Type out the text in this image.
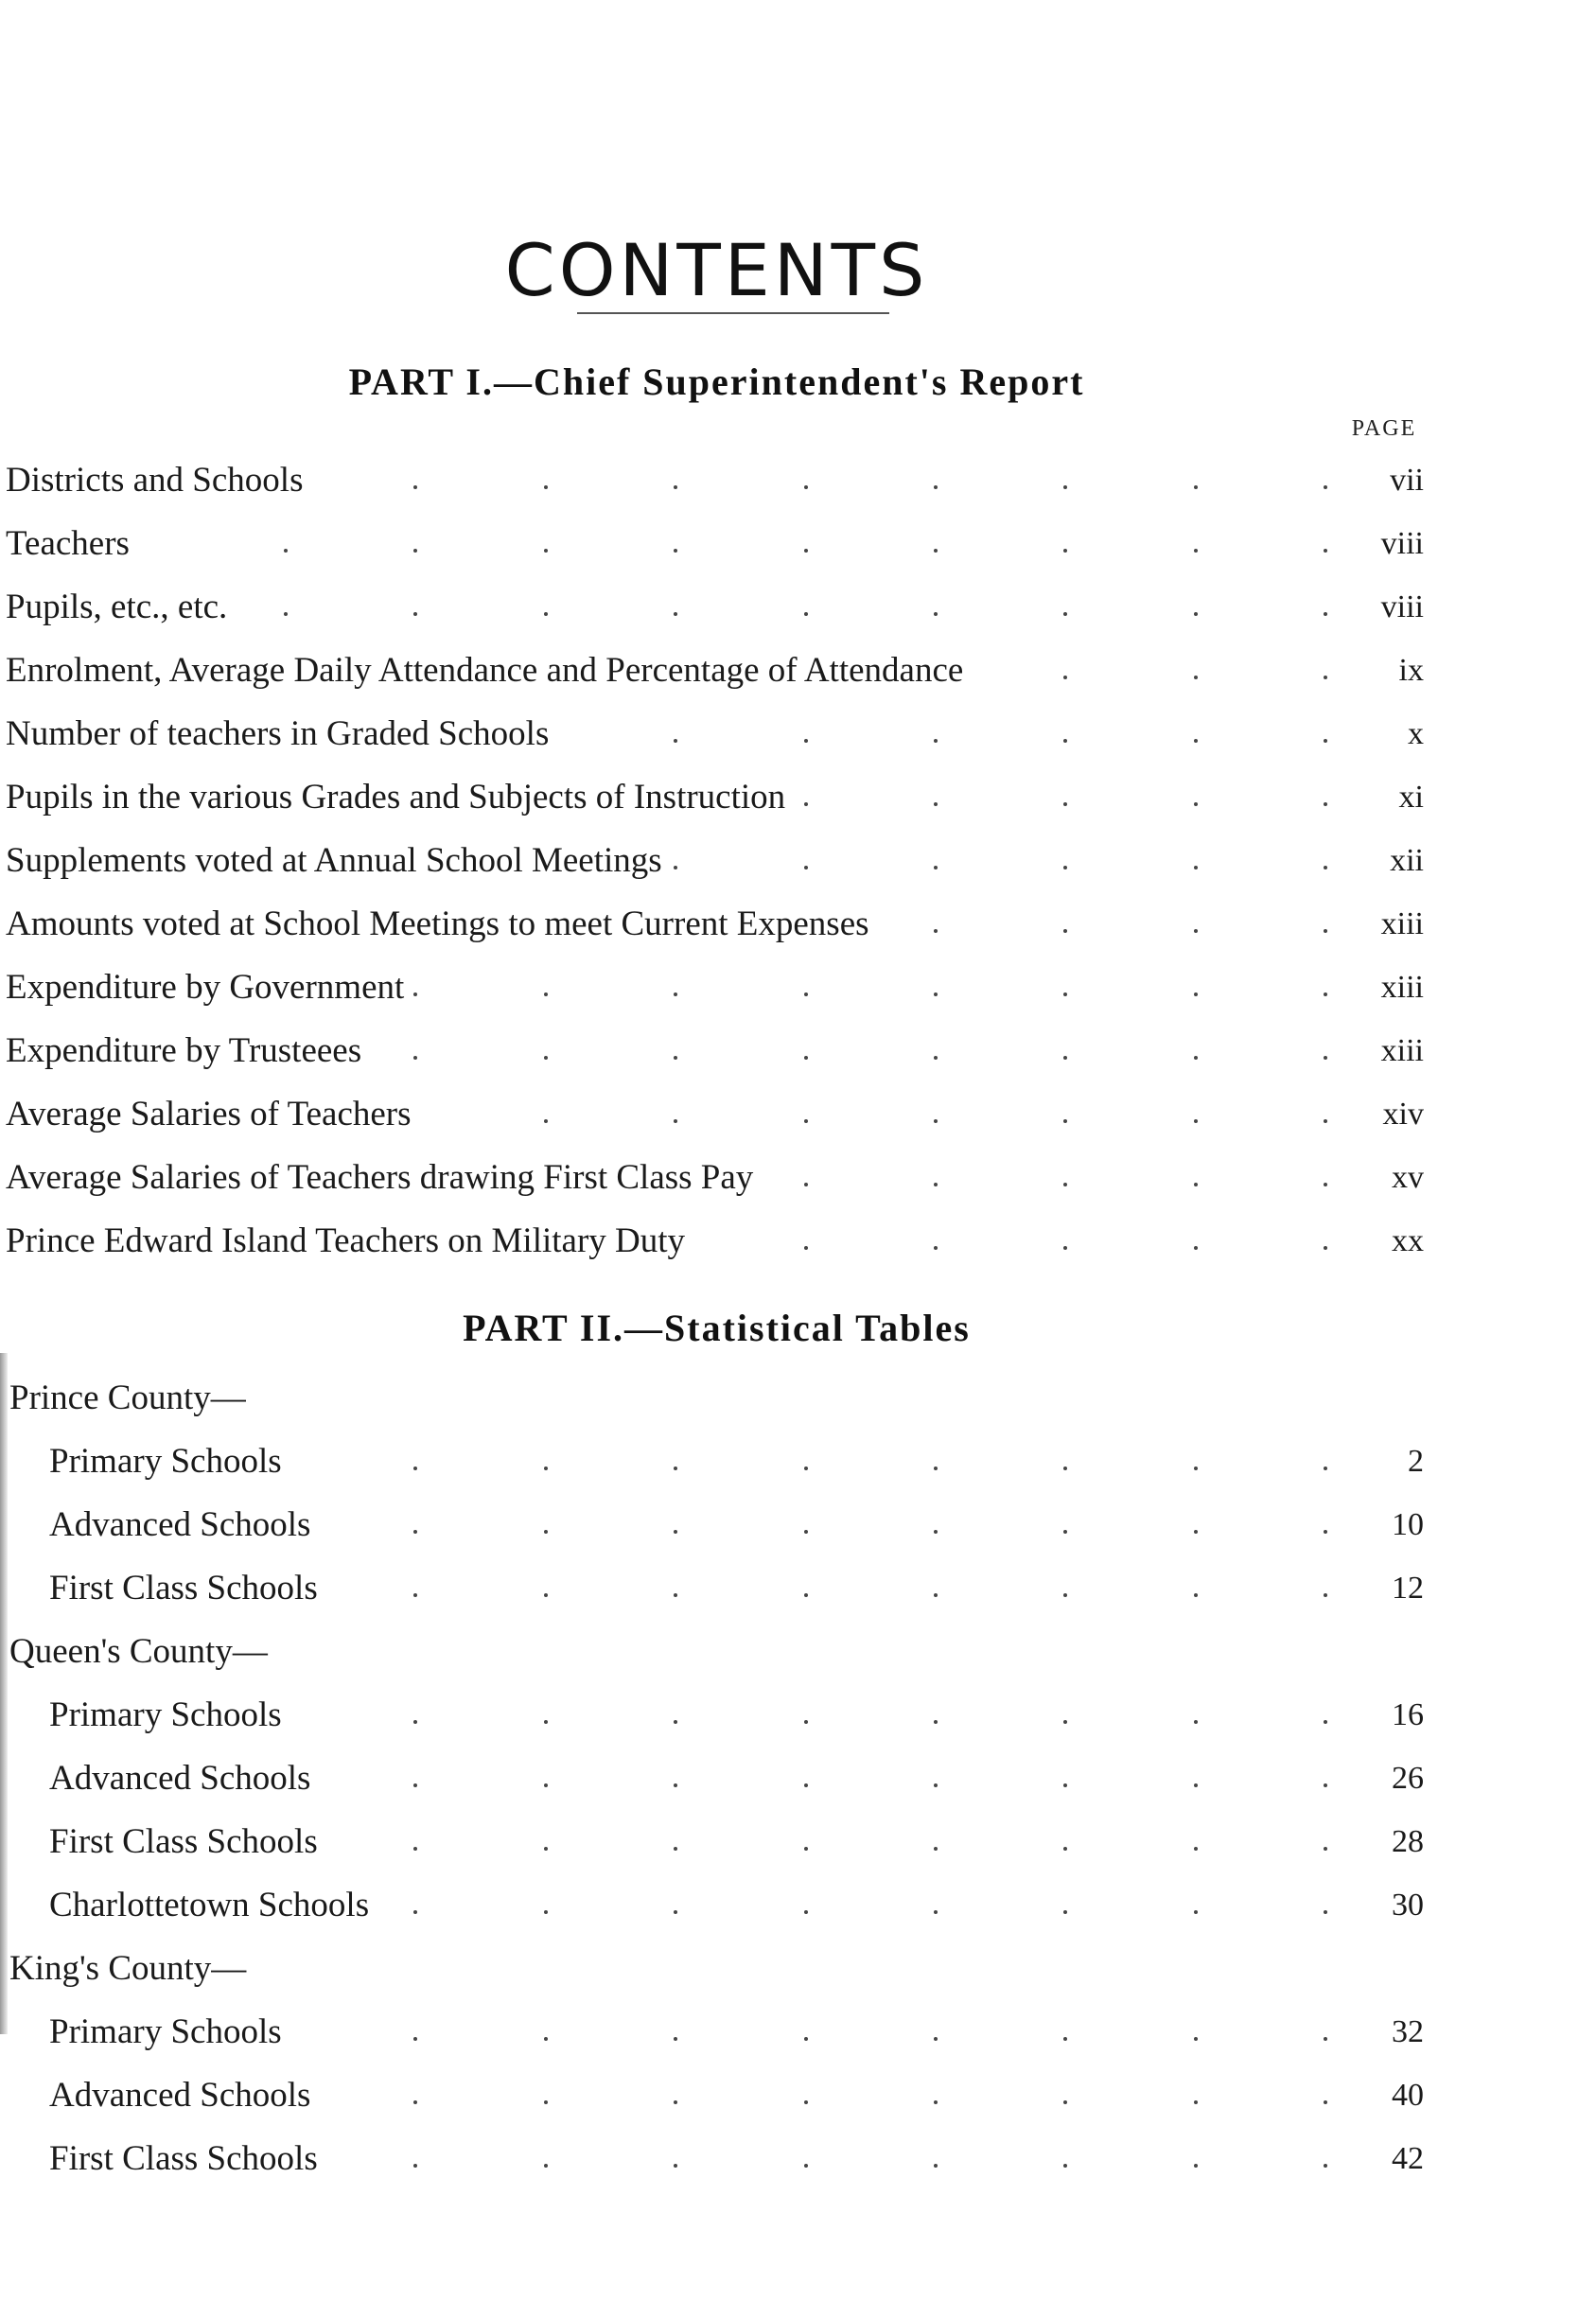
CONTENTS
PART I.—Chief Superintendent's Report
PAGE
Districts and Schools	vii
Teachers	viii
Pupils, etc., etc.	viii
Enrolment, Average Daily Attendance and Percentage of Attendance	ix
Number of teachers in Graded Schools	x
Pupils in the various Grades and Subjects of Instruction	xi
Supplements voted at Annual School Meetings	xii
Amounts voted at School Meetings to meet Current Expenses	xiii
Expenditure by Government	xiii
Expenditure by Trusteees	xiii
Average Salaries of Teachers	xiv
Average Salaries of Teachers drawing First Class Pay	xv
Prince Edward Island Teachers on Military Duty	xx
PART II.—Statistical Tables
Prince County—
Primary Schools	2
Advanced Schools	10
First Class Schools	12
Queen's County—
Primary Schools	16
Advanced Schools	26
First Class Schools	28
Charlottetown Schools	30
King's County—
Primary Schools	32
Advanced Schools	40
First Class Schools	42
